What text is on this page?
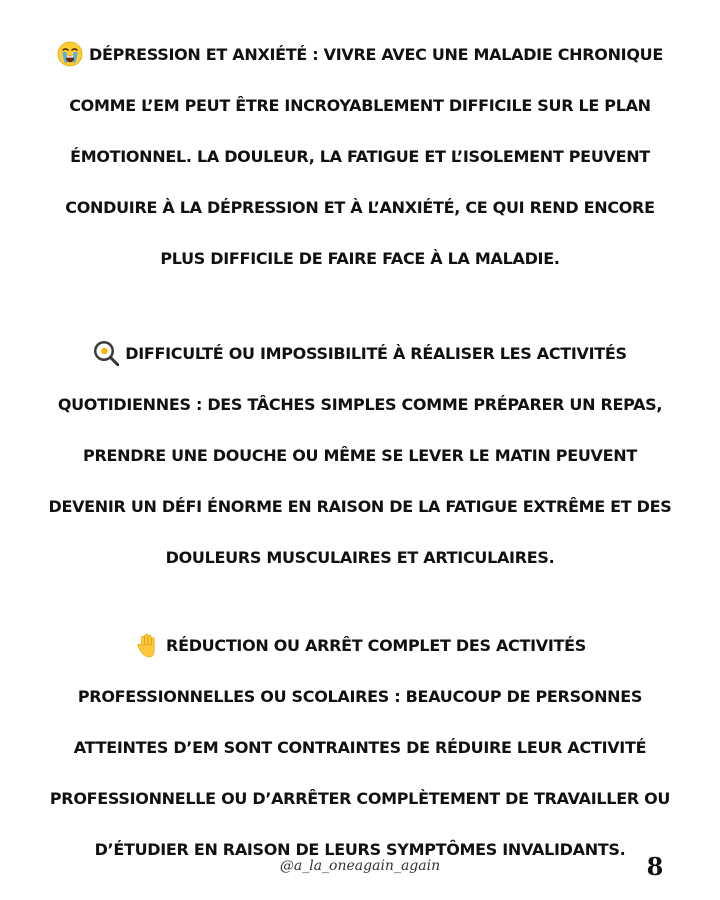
DÉPRESSION ET ANXIÉTÉ : VIVRE AVEC UNE MALADIE CHRONIQUE
COMME L’EM PEUT ÊTRE INCROYABLEMENT DIFFICILE SUR LE PLAN
ÉMOTIONNEL. LA DOULEUR, LA FATIGUE ET L’ISOLEMENT PEUVENT
CONDUIRE À LA DÉPRESSION ET À L’ANXIÉTÉ, CE QUI REND ENCORE
PLUS DIFFICILE DE FAIRE FACE À LA MALADIE.
DIFFICULTÉ OU IMPOSSIBILITÉ À RÉALISER LES ACTIVITÉS
QUOTIDIENNES : DES TÂCHES SIMPLES COMME PRÉPARER UN REPAS,
PRENDRE UNE DOUCHE OU MÊME SE LEVER LE MATIN PEUVENT
DEVENIR UN DÉFI ÉNORME EN RAISON DE LA FATIGUE EXTRÊME ET DES
DOULEURS MUSCULAIRES ET ARTICULAIRES.
RÉDUCTION OU ARRÊT COMPLET DES ACTIVITÉS
PROFESSIONNELLES OU SCOLAIRES : BEAUCOUP DE PERSONNES
ATTEINTES D’EM SONT CONTRAINTES DE RÉDUIRE LEUR ACTIVITÉ
PROFESSIONNELLE OU D’ARRÊTER COMPLÈTEMENT DE TRAVAILLER OU
D’ÉTUDIER EN RAISON DE LEURS SYMPTÔMES INVALIDANTS.
@a_la_oneagain_again	8
